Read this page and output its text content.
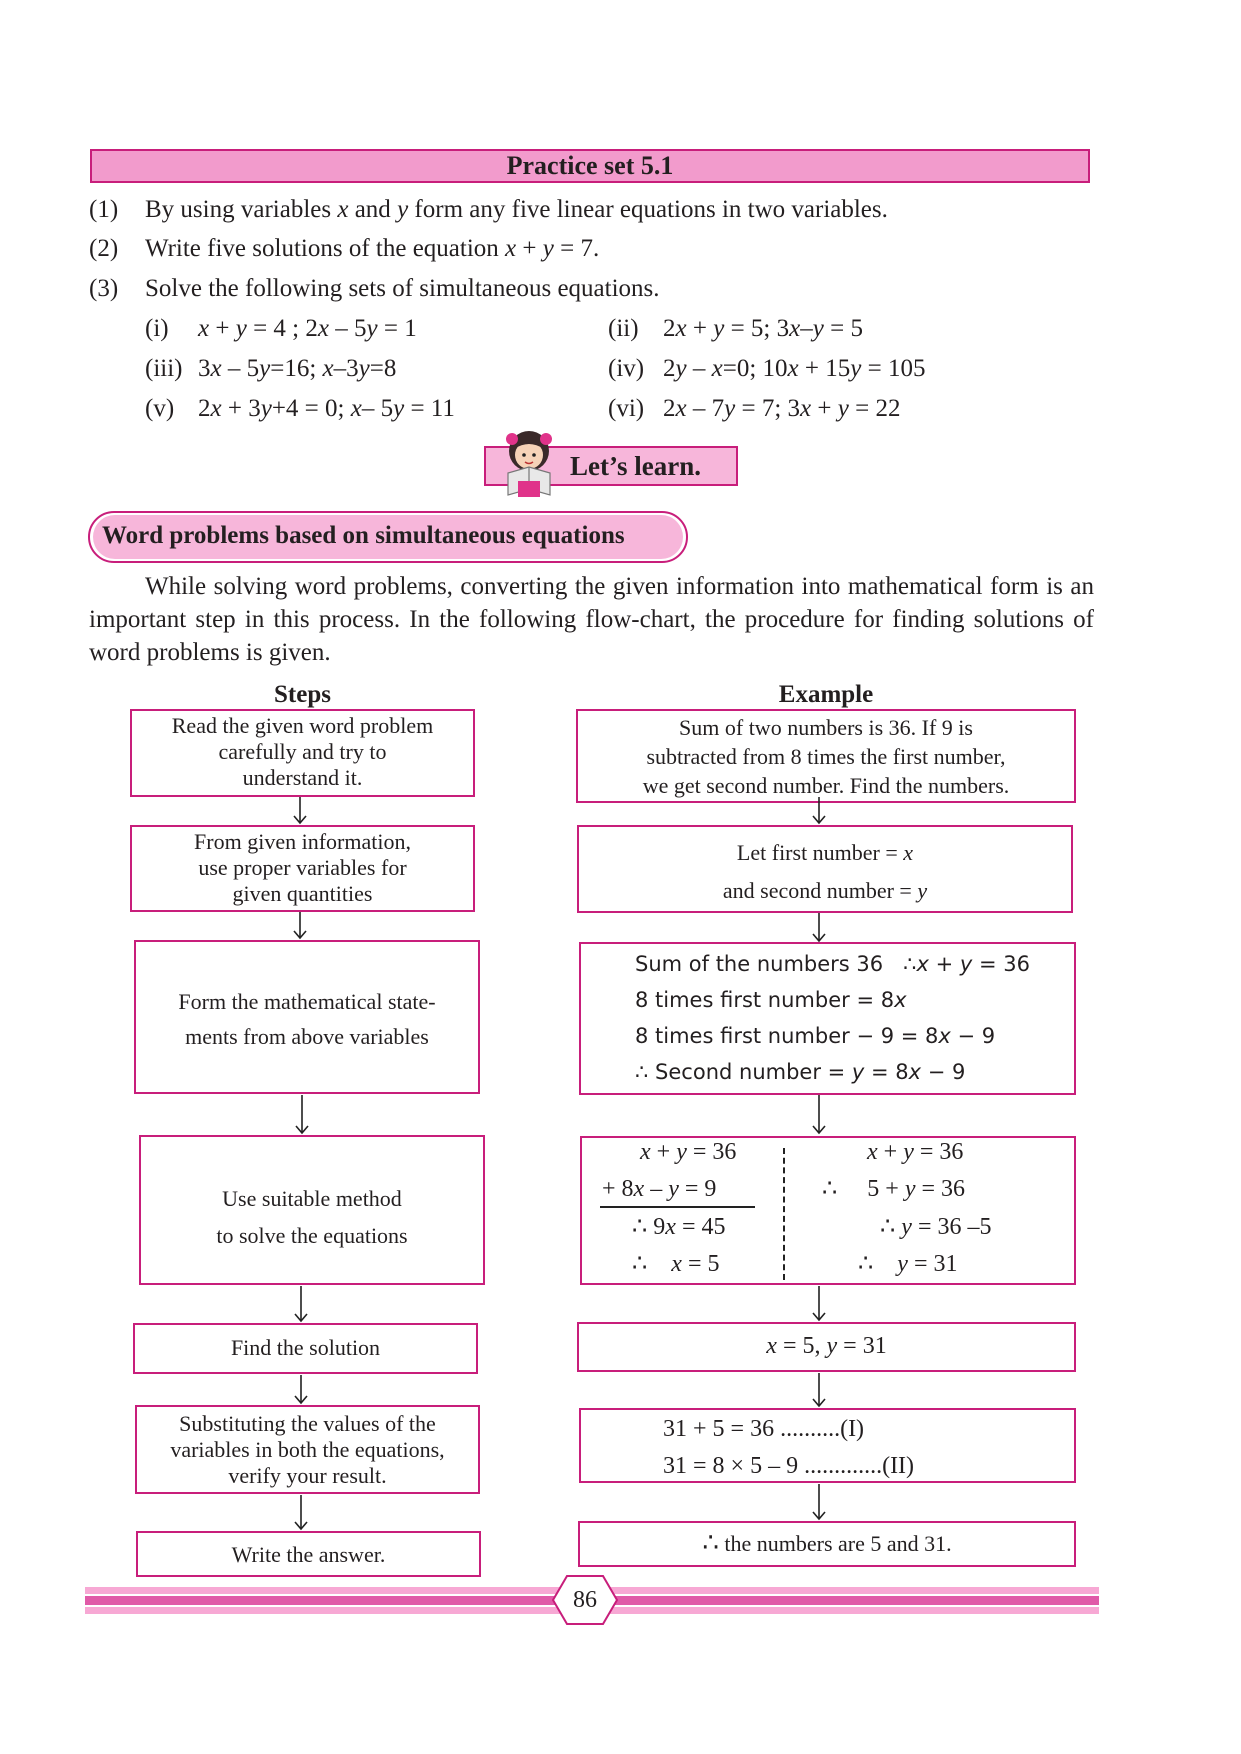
Practice set 5.1
(1) By using variables x and y form any five linear equations in two variables.
(2) Write five solutions of the equation x + y = 7.
(3) Solve the following sets of simultaneous equations.
(i) x + y = 4 ; 2x – 5y = 1	(ii) 2x + y = 5; 3x–y = 5
(iii) 3x – 5y=16; x–3y=8	(iv) 2y – x=0; 10x + 15y = 105
(v) 2x + 3y+4 = 0; x– 5y = 11	(vi) 2x – 7y = 7; 3x + y = 22
Let’s learn.
Word problems based on simultaneous equations
While solving word problems, converting the given information into mathematical form is an important step in this process. In the following flow-chart, the procedure for finding solutions of word problems is given.
Steps	Example
Read the given word problem
carefully and try to
understand it.
From given information,
use proper variables for
given quantities
Form the mathematical state-
ments from above variables
Use suitable method
to solve the equations
Find the solution
Substituting the values of the
variables in both the equations,
verify your result.
Write the answer.
Sum of two numbers is 36. If 9 is
subtracted from 8 times the first number,
we get second number. Find the numbers.
Let first number = x
and second number = y
Sum of the numbers 36 ∴x + y = 36
8 times first number = 8x
8 times first number − 9 = 8x − 9
∴ Second number = y = 8x − 9
x + y = 36
+ 8x – y = 9
∴ 9x = 45
∴ x = 5
x + y = 36
∴ 5 + y = 36
∴ y = 36 –5
∴ y = 31
x = 5, y = 31
31 + 5 = 36 ..........(I)
31 = 8 × 5 – 9 .............(II)
∴ the numbers are 5 and 31.
86
